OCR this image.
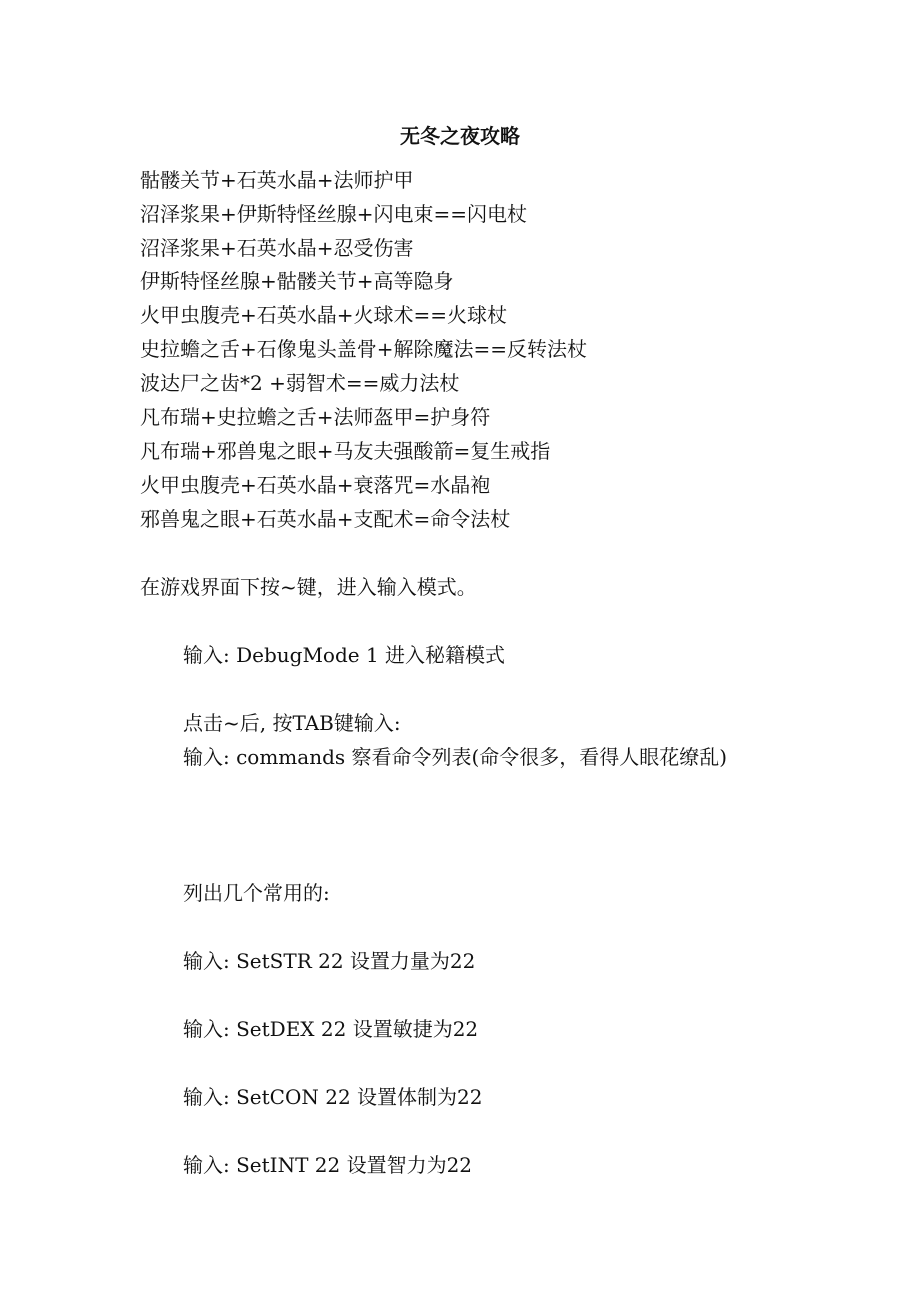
无冬之夜攻略
骷髅关节+石英水晶+法师护甲
沼泽浆果+伊斯特怪丝腺+闪电束==闪电杖
沼泽浆果+石英水晶+忍受伤害
伊斯特怪丝腺+骷髅关节+高等隐身
火甲虫腹壳+石英水晶+火球术==火球杖
史拉蟾之舌+石像鬼头盖骨+解除魔法==反转法杖
波达尸之齿*2 +弱智术==威力法杖
凡布瑞+史拉蟾之舌+法师盔甲=护身符
凡布瑞+邪兽鬼之眼+马友夫强酸箭=复生戒指
火甲虫腹壳+石英水晶+衰落咒=水晶袍
邪兽鬼之眼+石英水晶+支配术=命令法杖
在游戏界面下按~键，进入输入模式。
输入: DebugMode 1 进入秘籍模式
点击~后, 按TAB键输入:
输入: commands 察看命令列表(命令很多，看得人眼花缭乱)
列出几个常用的:
输入: SetSTR 22 设置力量为22
输入: SetDEX 22 设置敏捷为22
输入: SetCON 22 设置体制为22
输入: SetINT 22 设置智力为22
